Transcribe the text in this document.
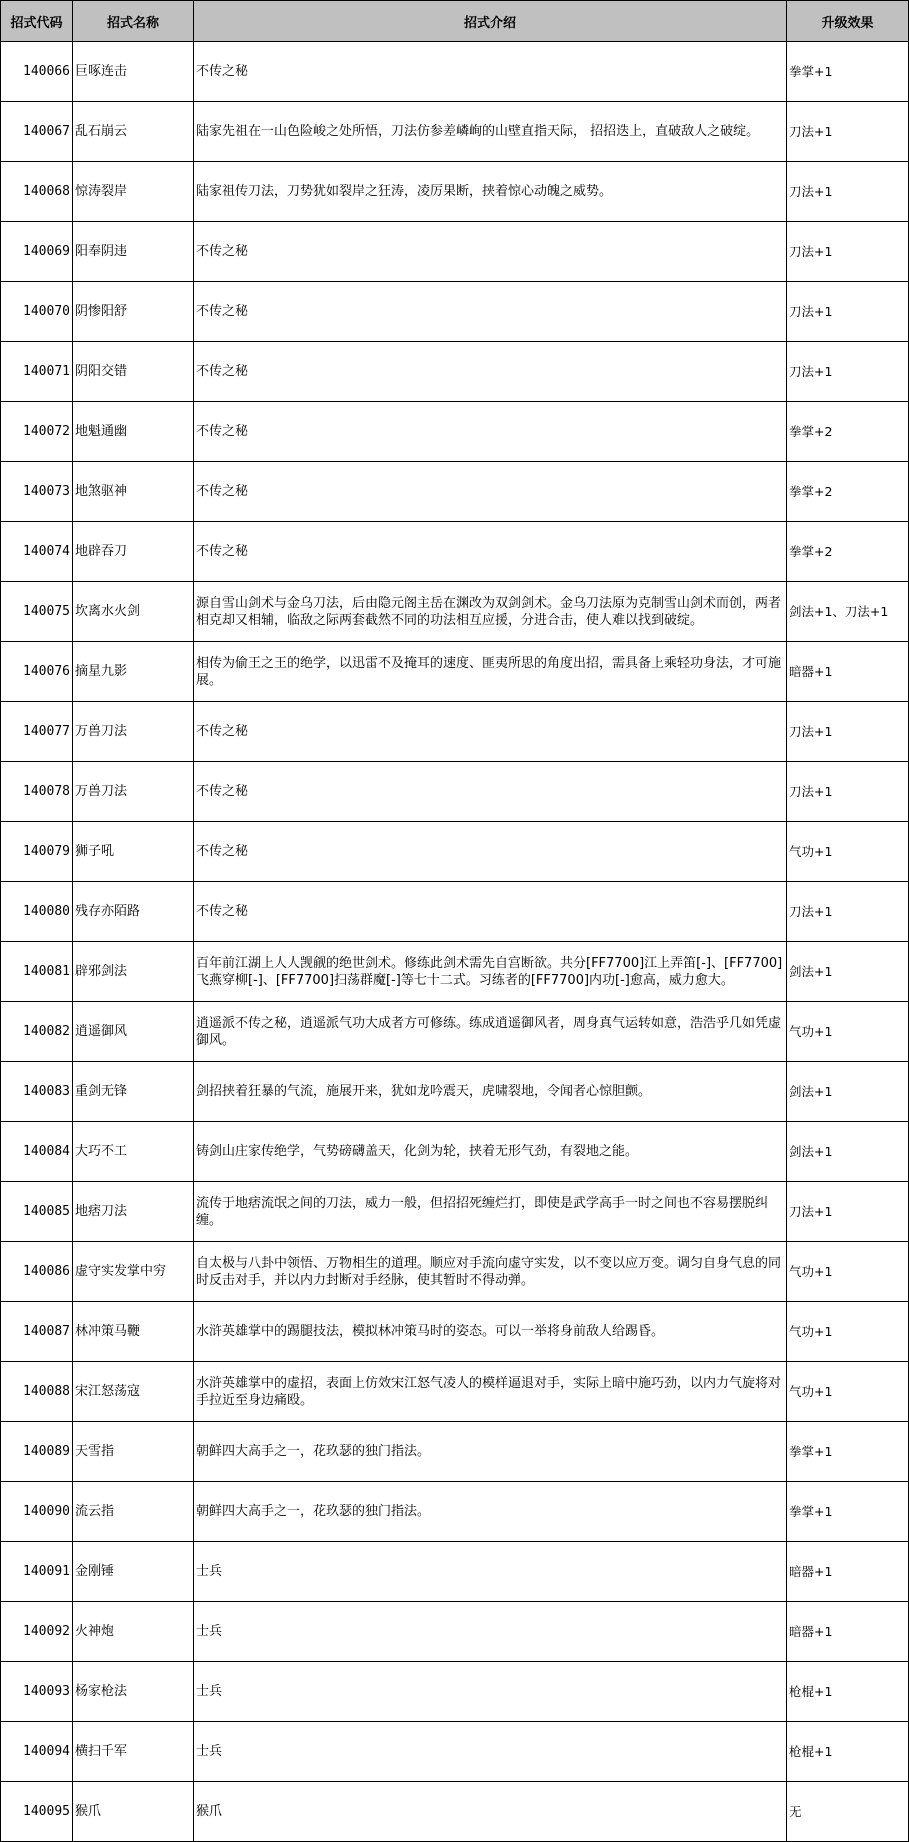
招式代码	招式名称	招式介绍	升级效果
140066	巨啄连击	不传之秘	拳掌+1
140067	乱石崩云	陆家先祖在一山色险峻之处所悟，刀法仿参差嶙峋的山壁直指天际， 招招迭上，直破敌人之破绽。	刀法+1
140068	惊涛裂岸	陆家祖传刀法，刀势犹如裂岸之狂涛，凌厉果断，挟着惊心动魄之威势。	刀法+1
140069	阳奉阴违	不传之秘	刀法+1
140070	阴惨阳舒	不传之秘	刀法+1
140071	阴阳交错	不传之秘	刀法+1
140072	地魁通幽	不传之秘	拳掌+2
140073	地煞驱神	不传之秘	拳掌+2
140074	地辟吞刀	不传之秘	拳掌+2
140075	坎离水火剑	源自雪山剑术与金乌刀法，后由隐元阁主岳在渊改为双剑剑术。金乌刀法原为克制雪山剑术而创，两者相克却又相辅，临敌之际两套截然不同的功法相互应援，分进合击，使人难以找到破绽。	剑法+1、刀法+1
140076	摘星九影	相传为偷王之王的绝学，以迅雷不及掩耳的速度、匪夷所思的角度出招，需具备上乘轻功身法，才可施展。	暗器+1
140077	万兽刀法	不传之秘	刀法+1
140078	万兽刀法	不传之秘	刀法+1
140079	狮子吼	不传之秘	气功+1
140080	残存亦陌路	不传之秘	刀法+1
140081	辟邪剑法	百年前江湖上人人觊觎的绝世剑术。修练此剑术需先自宫断欲。共分[FF7700]江上弄笛[-]、[FF7700]飞燕穿柳[-]、[FF7700]扫荡群魔[-]等七十二式。习练者的[FF7700]内功[-]愈高，威力愈大。	剑法+1
140082	逍遥御风	逍遥派不传之秘，逍遥派气功大成者方可修练。练成逍遥御风者，周身真气运转如意，浩浩乎几如凭虚御风。	气功+1
140083	重剑无锋	剑招挟着狂暴的气流，施展开来，犹如龙吟震天，虎啸裂地，令闻者心惊胆颤。	剑法+1
140084	大巧不工	铸剑山庄家传绝学，气势磅礴盖天，化剑为轮，挟着无形气劲，有裂地之能。	剑法+1
140085	地痞刀法	流传于地痞流氓之间的刀法，威力一般，但招招死缠烂打，即使是武学高手一时之间也不容易摆脱纠缠。	刀法+1
140086	虚守实发掌中穷	自太极与八卦中领悟、万物相生的道理。顺应对手流向虚守实发，以不变以应万变。调匀自身气息的同时反击对手，并以内力封断对手经脉，使其暂时不得动弹。	气功+1
140087	林冲策马鞭	水浒英雄掌中的踢腿技法，模拟林冲策马时的姿态。可以一举将身前敌人给踢昏。	气功+1
140088	宋江怒荡寇	水浒英雄掌中的虚招，表面上仿效宋江怒气凌人的模样逼退对手，实际上暗中施巧劲，以内力气旋将对手拉近至身边痛殴。	气功+1
140089	天雪指	朝鲜四大高手之一，花玖瑟的独门指法。	拳掌+1
140090	流云指	朝鲜四大高手之一，花玖瑟的独门指法。	拳掌+1
140091	金刚锤	士兵	暗器+1
140092	火神炮	士兵	暗器+1
140093	杨家枪法	士兵	枪棍+1
140094	横扫千军	士兵	枪棍+1
140095	猴爪	猴爪	无
